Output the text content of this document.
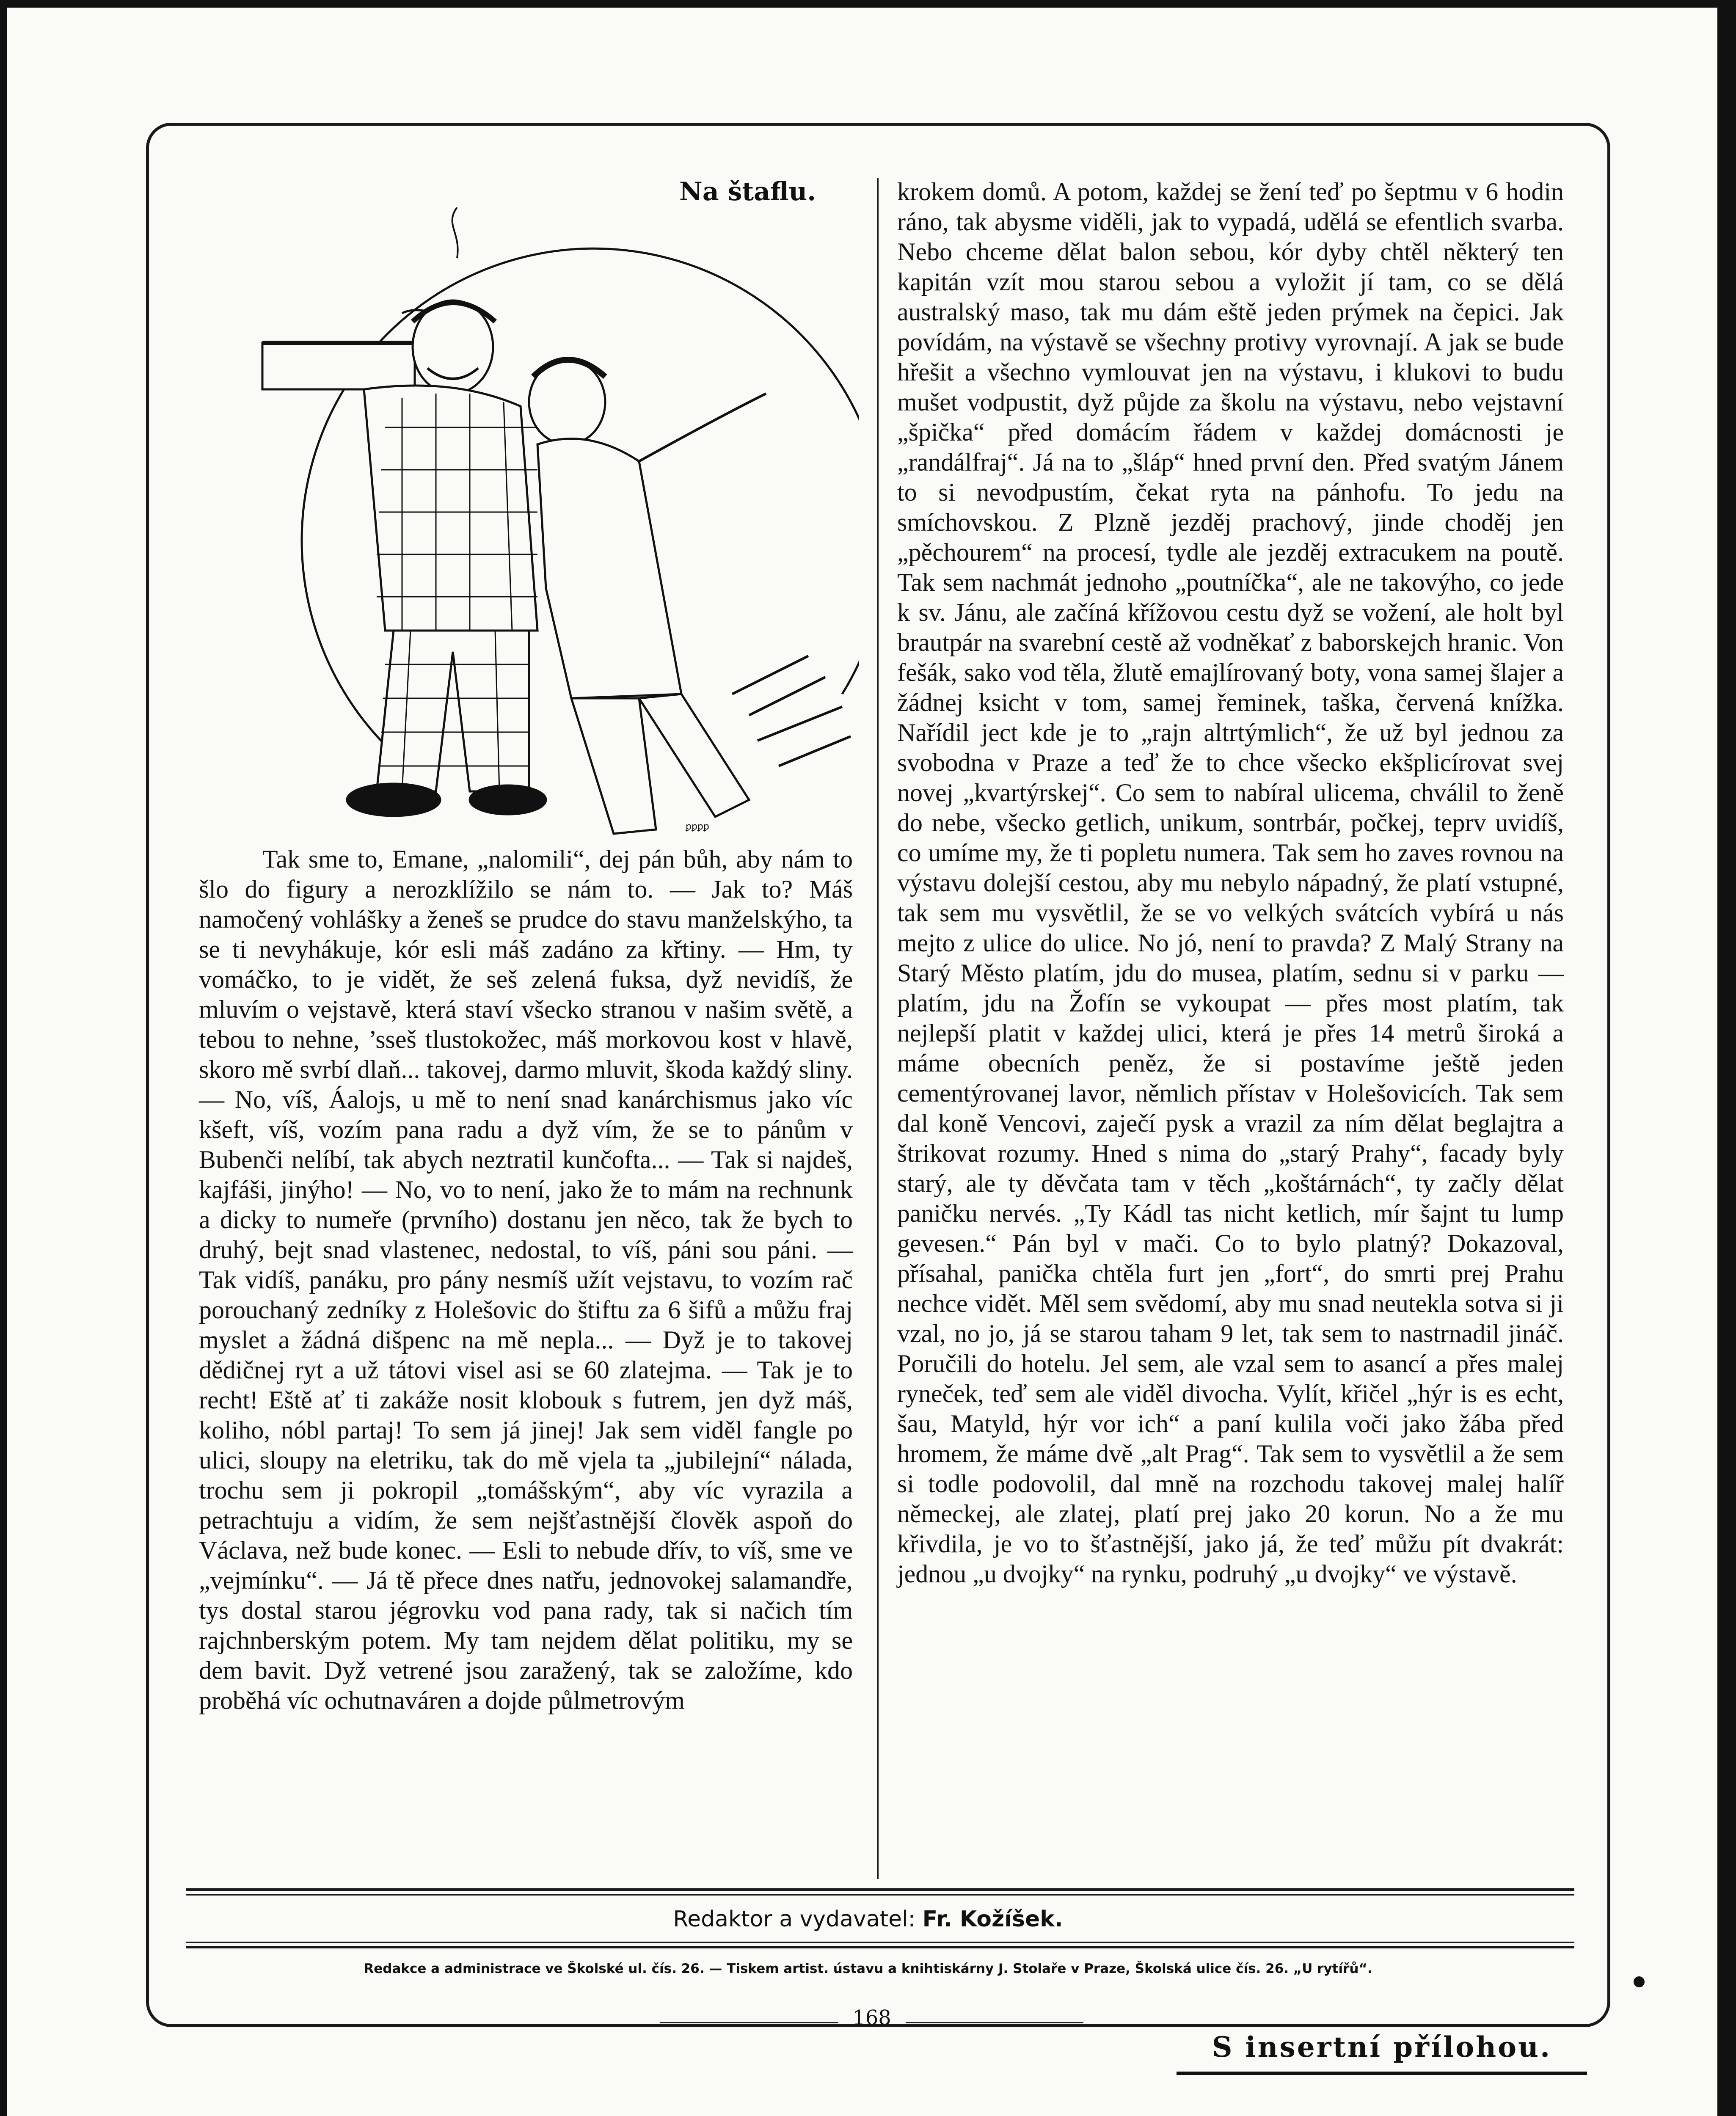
Na štaflu.
ꝑꝑꝑꝑ

Tak sme to, Emane, „nalomili“, dej pán bůh, aby nám to šlo do figury a nerozklížilo se nám to. — Jak to? Máš namočený vohlášky a ženeš se prudce do stavu manželskýho, ta se ti nevyhákuje, kór esli máš zadáno za křtiny. — Hm, ty vomáčko, to je vidět, že seš zelená fuksa, dyž nevidíš, že mluvím o vejstavě, která staví všecko stranou v našim světě, a tebou to nehne, ’sseš tlustokožec, máš morkovou kost v hlavě, skoro mě svrbí dlaň... takovej, darmo mluvit, škoda každý sliny. — No, víš, Áalojs, u mě to není snad kanárchismus jako víc kšeft, víš, vozím pana radu a dyž vím, že se to pánům v Bubenči nelíbí, tak abych neztratil kunčofta... — Tak si najdeš, kajfáši, jinýho! — No, vo to není, jako že to mám na rechnunk a dicky to numeře (prvního) dostanu jen něco, tak že bych to druhý, bejt snad vlastenec, nedostal, to víš, páni sou páni. — Tak vidíš, panáku, pro pány nesmíš užít vejstavu, to vozím rač porouchaný zedníky z Holešovic do štiftu za 6 šifů a můžu fraj myslet a žádná dišpenc na mě nepla... — Dyž je to takovej dědičnej ryt a už tátovi visel asi se 60 zlatejma. — Tak je to recht! Eště ať ti zakáže nosit klobouk s futrem, jen dyž máš, koliho, nóbl partaj! To sem já jinej! Jak sem viděl fangle po ulici, sloupy na eletriku, tak do mě vjela ta „jubilejní“ nálada, trochu sem ji pokropil „tomášským“, aby víc vyrazila a petrachtuju a vidím, že sem nejšťastnější člověk aspoň do Václava, než bude konec. — Esli to nebude dřív, to víš, sme ve „vejmínku“. — Já tě přece dnes natřu, jednovokej salamandře, tys dostal starou jégrovku vod pana rady, tak si načich tím rajchnberským potem. My tam nejdem dělat politiku, my se dem bavit. Dyž vetrené jsou zaražený, tak se založíme, kdo proběhá víc ochutnaváren a dojde půlmetrovým

krokem domů. A potom, každej se žení teď po šeptmu v 6 hodin ráno, tak abysme viděli, jak to vypadá, udělá se efentlich svarba. Nebo chceme dělat balon sebou, kór dyby chtěl některý ten kapitán vzít mou starou sebou a vyložit jí tam, co se dělá australský maso, tak mu dám eště jeden prýmek na čepici. Jak povídám, na výstavě se všechny protivy vyrovnají. A jak se bude hřešit a všechno vymlouvat jen na výstavu, i klukovi to budu mušet vodpustit, dyž půjde za školu na výstavu, nebo vejstavní „špička“ před domácím řádem v každej domácnosti je „randálfraj“. Já na to „šláp“ hned první den. Před svatým Jánem to si nevodpustím, čekat ryta na pánhofu. To jedu na smíchovskou. Z Plzně jezděj prachový, jinde choděj jen „pěchourem“ na procesí, tydle ale jezděj extracukem na poutě. Tak sem nachmát jednoho „poutníčka“, ale ne takovýho, co jede k sv. Jánu, ale začíná křížovou cestu dyž se vožení, ale holt byl brautpár na svarební cestě až vodněkať z baborskejch hranic. Von fešák, sako vod těla, žlutě emajlírovaný boty, vona samej šlajer a žádnej ksicht v tom, samej řeminek, taška, červená knížka. Nařídil ject kde je to „rajn altrtýmlich“, že už byl jednou za svobodna v Praze a teď že to chce všecko ekšplicírovat svej novej „kvartýrskej“. Co sem to nabíral ulicema, chválil to ženě do nebe, všecko getlich, unikum, sontrbár, počkej, teprv uvidíš, co umíme my, že ti popletu numera. Tak sem ho zaves rovnou na výstavu dolejší cestou, aby mu nebylo nápadný, že platí vstupné, tak sem mu vysvětlil, že se vo velkých svátcích vybírá u nás mejto z ulice do ulice. No jó, není to pravda? Z Malý Strany na Starý Město platím, jdu do musea, platím, sednu si v parku — platím, jdu na Žofín se vykoupat — přes most platím, tak nejlepší platit v každej ulici, která je přes 14 metrů široká a máme obecních peněz, že si postavíme ještě jeden cementýrovanej lavor, němlich přístav v Holešovicích. Tak sem dal koně Vencovi, zaječí pysk a vrazil za ním dělat beglajtra a štrikovat rozumy. Hned s nima do „starý Prahy“, facady byly starý, ale ty děvčata tam v těch „koštárnách“, ty začly dělat paničku nervés. „Ty Kádl tas nicht ketlich, mír šajnt tu lump gevesen.“ Pán byl v mači. Co to bylo platný? Dokazoval, přísahal, panička chtěla furt jen „fort“, do smrti prej Prahu nechce vidět. Měl sem svědomí, aby mu snad neutekla sotva si ji vzal, no jo, já se starou taham 9 let, tak sem to nastrnadil jináč. Poručili do hotelu. Jel sem, ale vzal sem to asancí a přes malej ryneček, teď sem ale viděl divocha. Vylít, křičel „hýr is es echt, šau, Matyld, hýr vor ich“ a paní kulila voči jako žába před hromem, že máme dvě „alt Prag“. Tak sem to vysvětlil a že sem si todle podovolil, dal mně na rozchodu takovej malej halíř německej, ale zlatej, platí prej jako 20 korun. No a že mu křivdila, je vo to šťastnější, jako já, že teď můžu pít dvakrát: jednou „u dvojky“ na rynku, podruhý „u dvojky“ ve výstavě.

Redaktor a vydavatel: Fr. Kožíšek.
Redakce a administrace ve Školské ul. čís. 26. — Tiskem artist. ústavu a knihtiskárny J. Stolaře v Praze, Školská ulice čís. 26. „U rytířů“.
168
S insertní přílohou.
